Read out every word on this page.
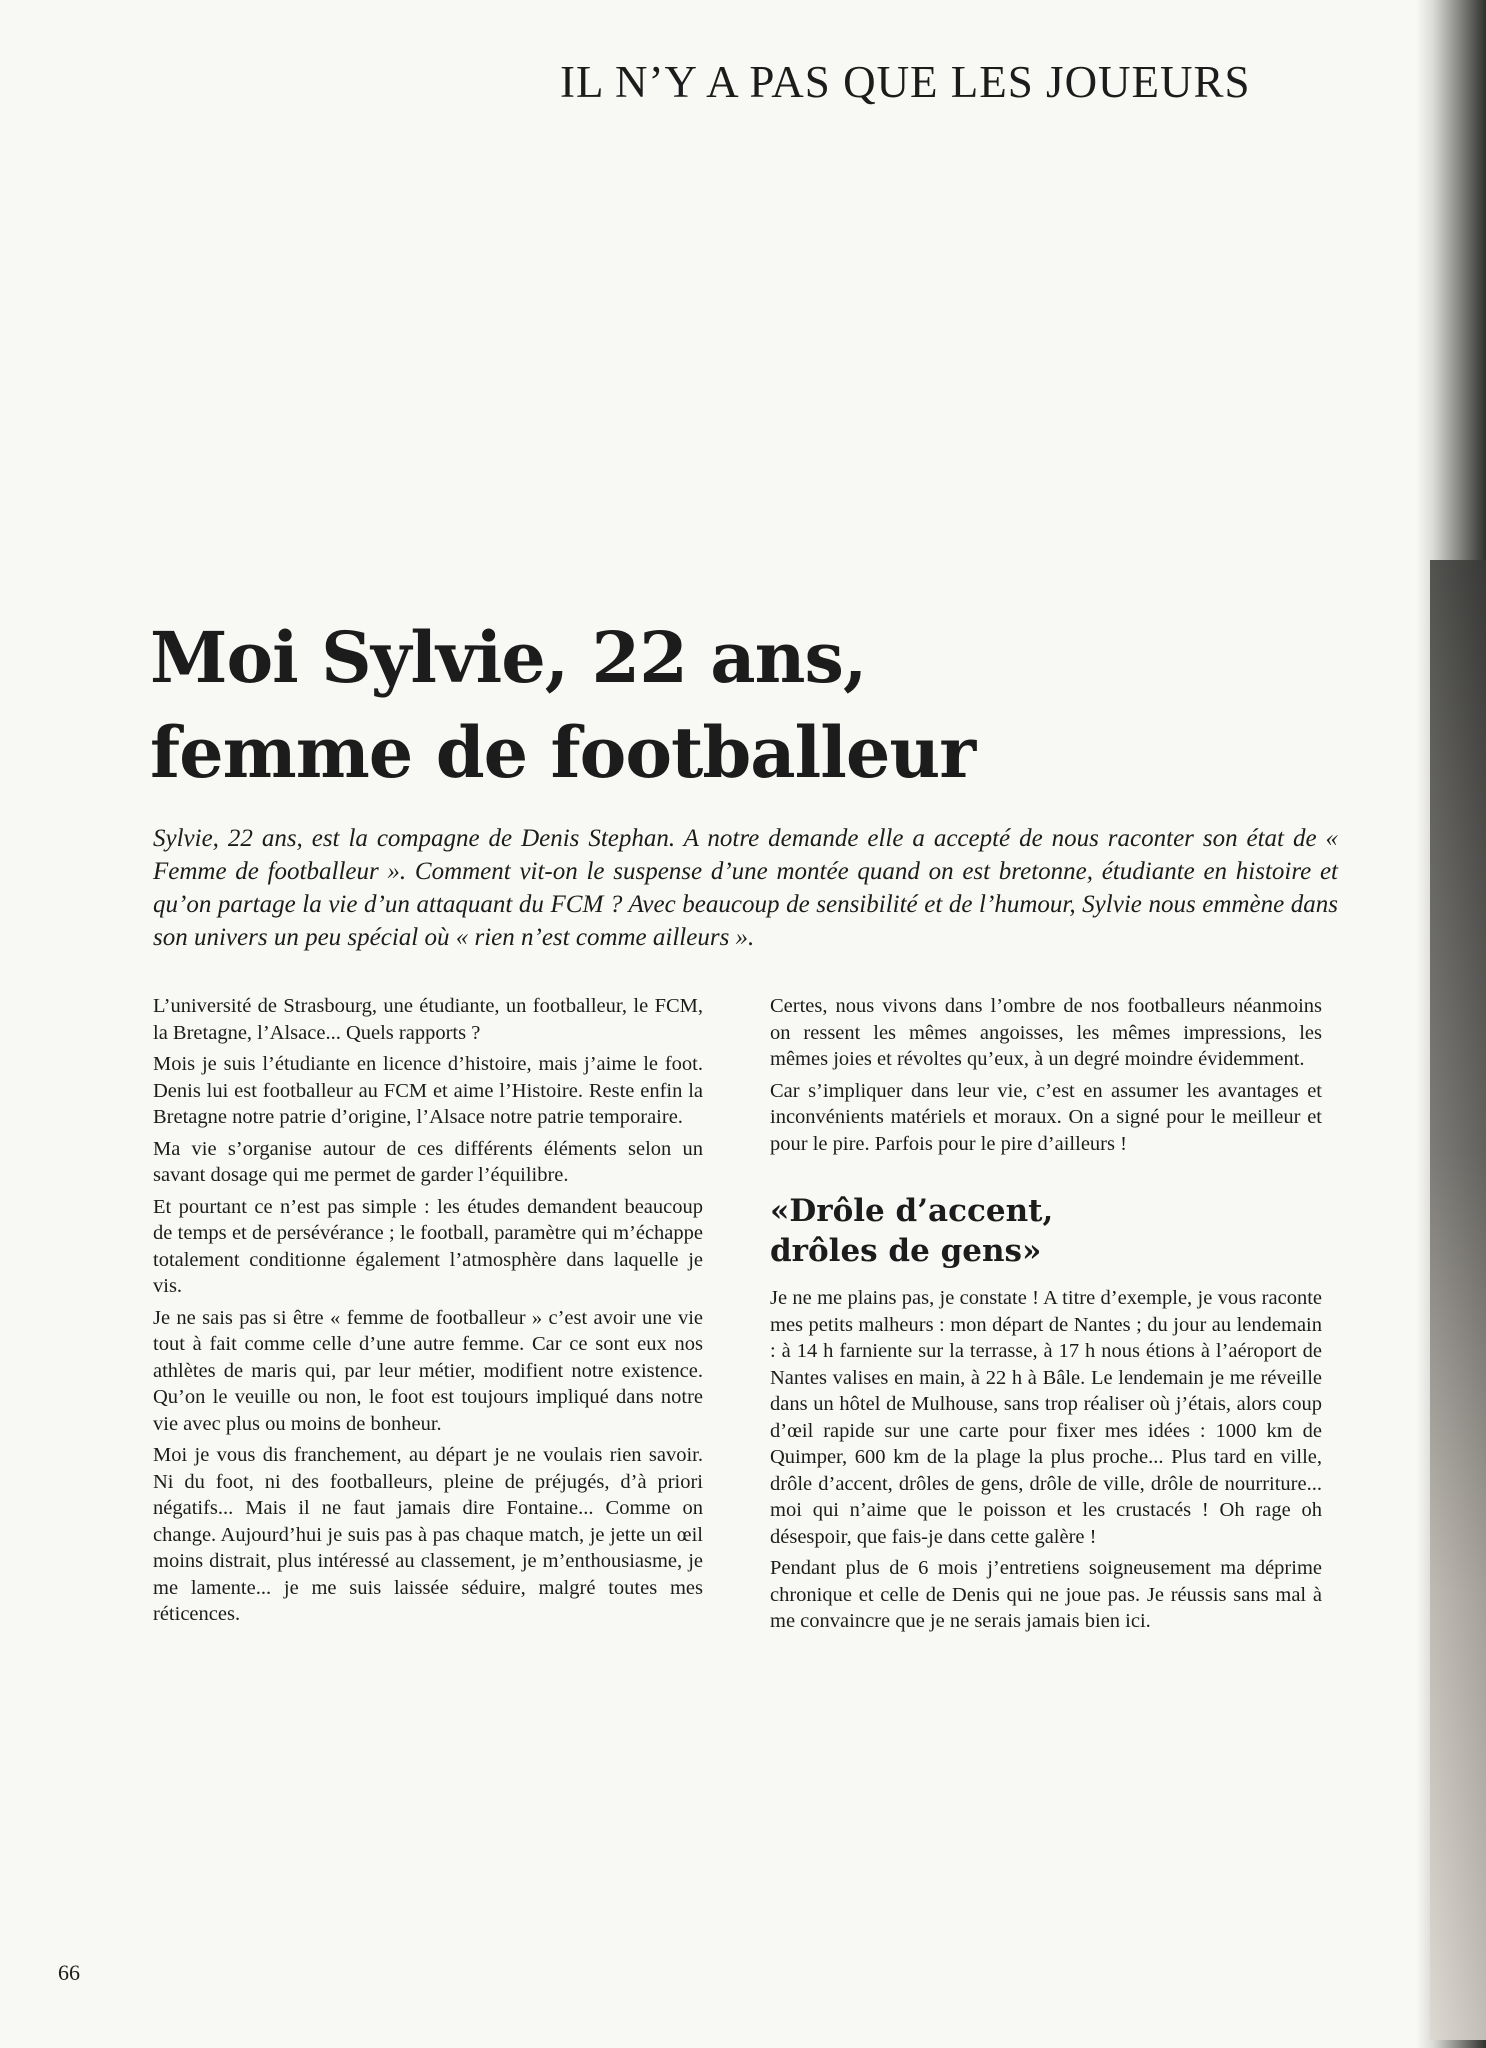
IL N’Y A PAS QUE LES JOUEURS
Moi Sylvie, 22 ans,
femme de footballeur
Sylvie, 22 ans, est la compagne de Denis Stephan. A notre demande elle a accepté de nous raconter son état de « Femme de footballeur ». Comment vit-on le suspense d’une montée quand on est bretonne, étudiante en histoire et qu’on partage la vie d’un attaquant du FCM ? Avec beaucoup de sensibilité et de l’humour, Sylvie nous emmène dans son univers un peu spécial où « rien n’est comme ailleurs ».

L’université de Strasbourg, une étudiante, un footballeur, le FCM, la Bretagne, l’Alsace... Quels rapports ?

Mois je suis l’étudiante en licence d’histoire, mais j’aime le foot. Denis lui est footballeur au FCM et aime l’Histoire. Reste enfin la Bretagne notre patrie d’origine, l’Alsace notre patrie temporaire.

Ma vie s’organise autour de ces différents éléments selon un savant dosage qui me permet de garder l’équilibre.

Et pourtant ce n’est pas simple : les études demandent beaucoup de temps et de persévérance ; le football, paramètre qui m’échappe totalement conditionne également l’atmosphère dans laquelle je vis.

Je ne sais pas si être « femme de footballeur » c’est avoir une vie tout à fait comme celle d’une autre femme. Car ce sont eux nos athlètes de maris qui, par leur métier, modifient notre existence. Qu’on le veuille ou non, le foot est toujours impliqué dans notre vie avec plus ou moins de bonheur.

Moi je vous dis franchement, au départ je ne voulais rien savoir. Ni du foot, ni des footballeurs, pleine de préjugés, d’à priori négatifs... Mais il ne faut jamais dire Fontaine... Comme on change. Aujourd’hui je suis pas à pas chaque match, je jette un œil moins distrait, plus intéressé au classement, je m’enthousiasme, je me lamente... je me suis laissée séduire, malgré toutes mes réticences.

Certes, nous vivons dans l’ombre de nos footballeurs néanmoins on ressent les mêmes angoisses, les mêmes impressions, les mêmes joies et révoltes qu’eux, à un degré moindre évidemment.

Car s’impliquer dans leur vie, c’est en assumer les avantages et inconvénients matériels et moraux. On a signé pour le meilleur et pour le pire. Parfois pour le pire d’ailleurs !

«Drôle d’accent,
drôles de gens»

Je ne me plains pas, je constate ! A titre d’exemple, je vous raconte mes petits malheurs : mon départ de Nantes ; du jour au lendemain : à 14 h farniente sur la terrasse, à 17 h nous étions à l’aéroport de Nantes valises en main, à 22 h à Bâle. Le lendemain je me réveille dans un hôtel de Mulhouse, sans trop réaliser où j’étais, alors coup d’œil rapide sur une carte pour fixer mes idées : 1000 km de Quimper, 600 km de la plage la plus proche... Plus tard en ville, drôle d’accent, drôles de gens, drôle de ville, drôle de nourriture... moi qui n’aime que le poisson et les crustacés ! Oh rage oh désespoir, que fais-je dans cette galère !

Pendant plus de 6 mois j’entretiens soigneusement ma déprime chronique et celle de Denis qui ne joue pas. Je réussis sans mal à me convaincre que je ne serais jamais bien ici.

66
